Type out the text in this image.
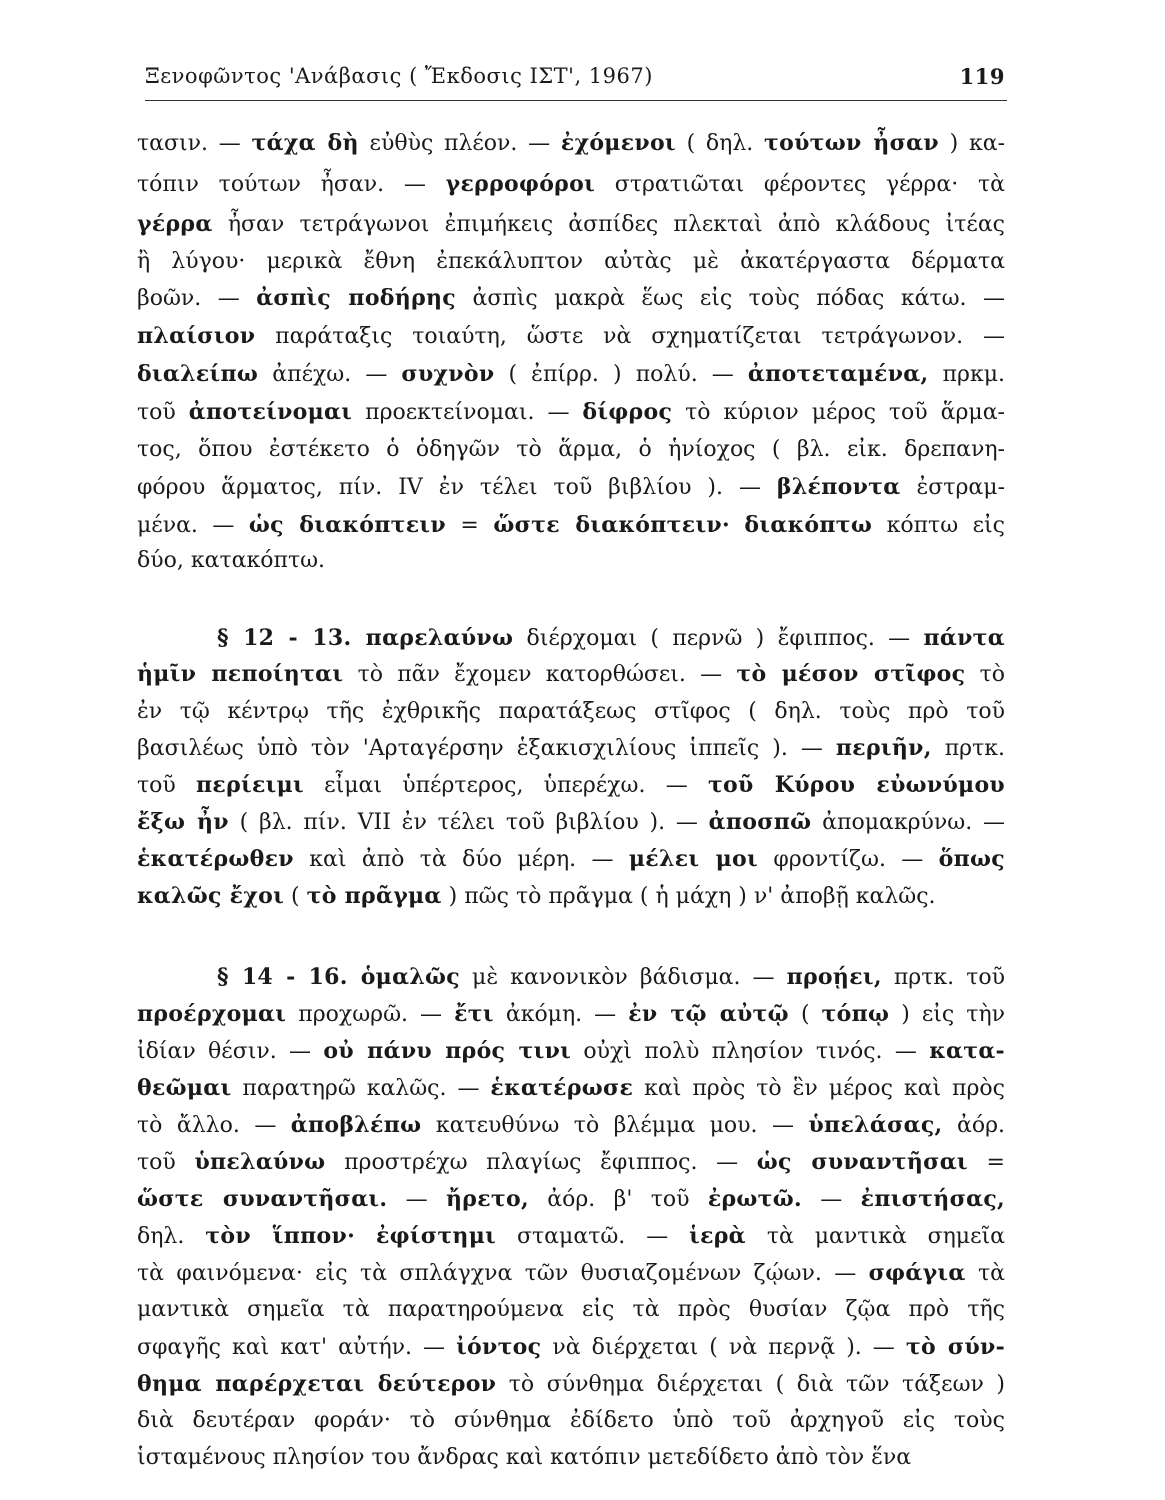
Ξενοφῶντος 'Ανάβασις ( Ἔκδοσις ΙΣΤ', 1967)	119
τασιν. — τάχα δὴ εὐθὺς πλέον. — ἐχόμενοι ( δηλ. τούτων ἦσαν ) κα-
τόπιν τούτων ἦσαν. — γερροφόροι στρατιῶται φέροντες γέρρα· τὰ
γέρρα ἦσαν τετράγωνοι ἐπιμήκεις ἀσπίδες πλεκταὶ ἀπὸ κλάδους ἰτέας
ἢ λύγου· μερικὰ ἔθνη ἐπεκάλυπτον αὐτὰς μὲ ἀκατέργαστα δέρματα
βοῶν. — ἀσπὶς ποδήρης ἀσπὶς μακρὰ ἕως εἰς τοὺς πόδας κάτω. —
πλαίσιον παράταξις τοιαύτη, ὥστε νὰ σχηματίζεται τετράγωνον. —
διαλείπω ἀπέχω. — συχνὸν ( ἐπίρρ. ) πολύ. — ἀποτεταμένα, πρκμ.
τοῦ ἀποτείνομαι προεκτείνομαι. — δίφρος τὸ κύριον μέρος τοῦ ἅρμα-
τος, ὅπου ἐστέκετο ὁ ὁδηγῶν τὸ ἅρμα, ὁ ἡνίοχος ( βλ. εἰκ. δρεπανη-
φόρου ἅρματος, πίν. IV ἐν τέλει τοῦ βιβλίου ). — βλέποντα ἐστραμ-
μένα. — ὡς διακόπτειν = ὥστε διακόπτειν· διακόπτω κόπτω εἰς
δύο, κατακόπτω.
§ 12 - 13. παρελαύνω διέρχομαι ( περνῶ ) ἔφιππος. — πάντα
ἡμῖν πεποίηται τὸ πᾶν ἔχομεν κατορθώσει. — τὸ μέσον στῖφος τὸ
ἐν τῷ κέντρῳ τῆς ἐχθρικῆς παρατάξεως στῖφος ( δηλ. τοὺς πρὸ τοῦ
βασιλέως ὑπὸ τὸν 'Αρταγέρσην ἑξακισχιλίους ἱππεῖς ). — περιῆν, πρτκ.
τοῦ περίειμι εἶμαι ὑπέρτερος, ὑπερέχω. — τοῦ Κύρου εὐωνύμου
ἔξω ἦν ( βλ. πίν. VII ἐν τέλει τοῦ βιβλίου ). — ἀποσπῶ ἀπομακρύνω. —
ἑκατέρωθεν καὶ ἀπὸ τὰ δύο μέρη. — μέλει μοι φροντίζω. — ὅπως
καλῶς ἔχοι ( τὸ πρᾶγμα ) πῶς τὸ πρᾶγμα ( ἡ μάχη ) ν' ἀποβῇ καλῶς.
§ 14 - 16. ὁμαλῶς μὲ κανονικὸν βάδισμα. — προῄει, πρτκ. τοῦ
προέρχομαι προχωρῶ. — ἔτι ἀκόμη. — ἐν τῷ αὐτῷ ( τόπῳ ) εἰς τὴν
ἰδίαν θέσιν. — οὐ πάνυ πρός τινι οὐχὶ πολὺ πλησίον τινός. — κατα-
θεῶμαι παρατηρῶ καλῶς. — ἑκατέρωσε καὶ πρὸς τὸ ἓν μέρος καὶ πρὸς
τὸ ἄλλο. — ἀποβλέπω κατευθύνω τὸ βλέμμα μου. — ὑπελάσας, ἀόρ.
τοῦ ὑπελαύνω προστρέχω πλαγίως ἔφιππος. — ὡς συναντῆσαι =
ὥστε συναντῆσαι. — ἤρετο, ἀόρ. β' τοῦ ἐρωτῶ. — ἐπιστήσας,
δηλ. τὸν ἵππον· ἐφίστημι σταματῶ. — ἱερὰ τὰ μαντικὰ σημεῖα
τὰ φαινόμενα· εἰς τὰ σπλάγχνα τῶν θυσιαζομένων ζῴων. — σφάγια τὰ
μαντικὰ σημεῖα τὰ παρατηρούμενα εἰς τὰ πρὸς θυσίαν ζῷα πρὸ τῆς
σφαγῆς καὶ κατ' αὐτήν. — ἰόντος νὰ διέρχεται ( νὰ περνᾷ ). — τὸ σύν-
θημα παρέρχεται δεύτερον τὸ σύνθημα διέρχεται ( διὰ τῶν τάξεων )
διὰ δευτέραν φοράν· τὸ σύνθημα ἐδίδετο ὑπὸ τοῦ ἀρχηγοῦ εἰς τοὺς
ἱσταμένους πλησίον του ἄνδρας καὶ κατόπιν μετεδίδετο ἀπὸ τὸν ἕνα
